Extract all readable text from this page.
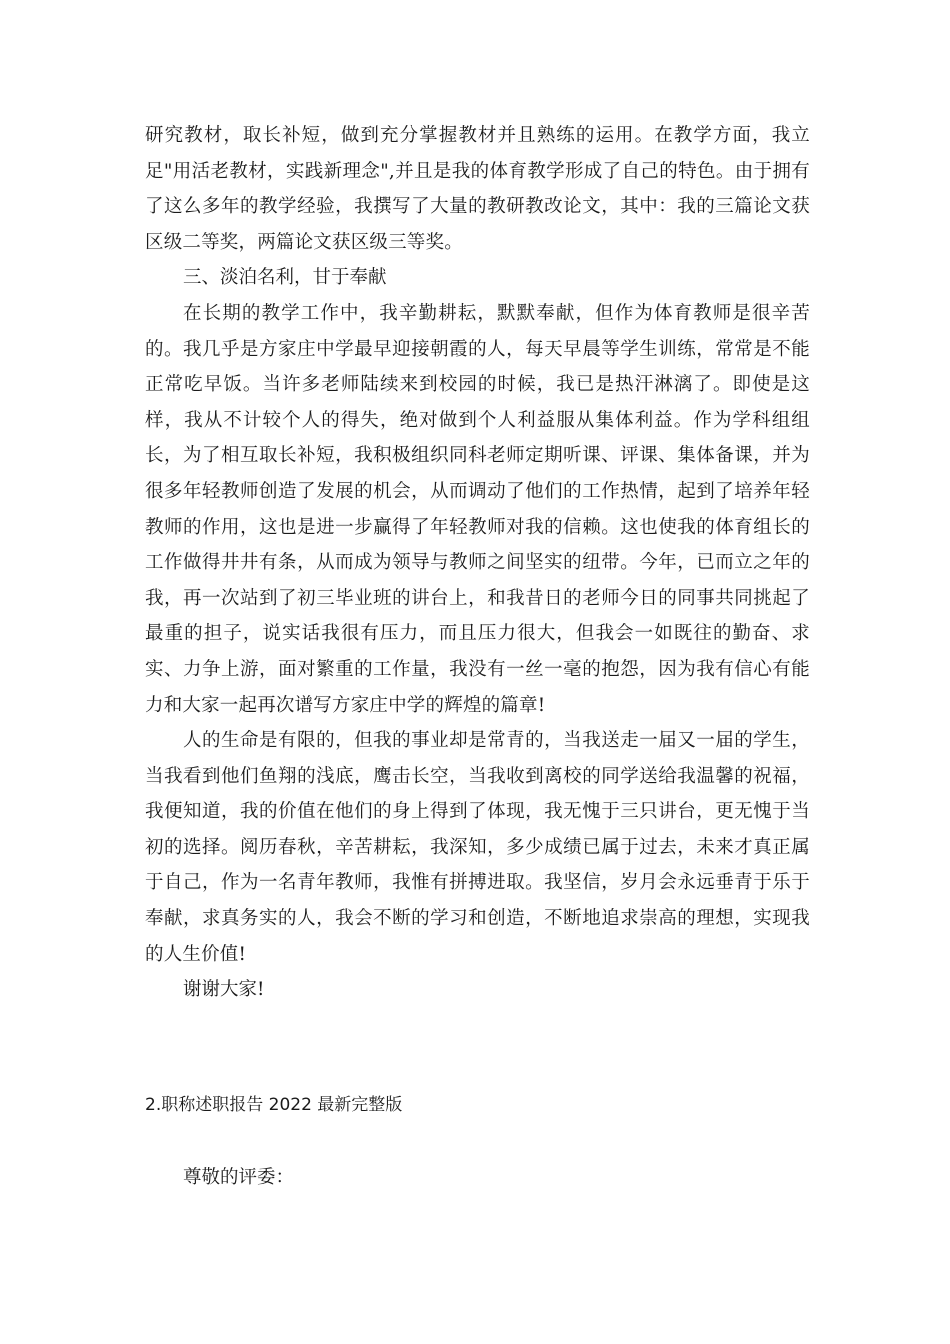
研究教材，取长补短，做到充分掌握教材并且熟练的运用。在教学方面，我立足"用活老教材，实践新理念",并且是我的体育教学形成了自己的特色。由于拥有了这么多年的教学经验，我撰写了大量的教研教改论文，其中：我的三篇论文获区级二等奖，两篇论文获区级三等奖。

三、淡泊名利，甘于奉献

在长期的教学工作中，我辛勤耕耘，默默奉献，但作为体育教师是很辛苦的。我几乎是方家庄中学最早迎接朝霞的人，每天早晨等学生训练，常常是不能正常吃早饭。当许多老师陆续来到校园的时候，我已是热汗淋漓了。即使是这样，我从不计较个人的得失，绝对做到个人利益服从集体利益。作为学科组组长，为了相互取长补短，我积极组织同科老师定期听课、评课、集体备课，并为很多年轻教师创造了发展的机会，从而调动了他们的工作热情，起到了培养年轻教师的作用，这也是进一步赢得了年轻教师对我的信赖。这也使我的体育组长的工作做得井井有条，从而成为领导与教师之间坚实的纽带。今年，已而立之年的我，再一次站到了初三毕业班的讲台上，和我昔日的老师今日的同事共同挑起了最重的担子，说实话我很有压力，而且压力很大，但我会一如既往的勤奋、求实、力争上游，面对繁重的工作量，我没有一丝一毫的抱怨，因为我有信心有能力和大家一起再次谱写方家庄中学的辉煌的篇章!

人的生命是有限的，但我的事业却是常青的，当我送走一届又一届的学生，当我看到他们鱼翔的浅底，鹰击长空，当我收到离校的同学送给我温馨的祝福，我便知道，我的价值在他们的身上得到了体现，我无愧于三只讲台，更无愧于当初的选择。阅历春秋，辛苦耕耘，我深知，多少成绩已属于过去，未来才真正属于自己，作为一名青年教师，我惟有拼搏进取。我坚信，岁月会永远垂青于乐于奉献，求真务实的人，我会不断的学习和创造，不断地追求崇高的理想，实现我的人生价值!

谢谢大家!

2.职称述职报告 2022 最新完整版

尊敬的评委：
